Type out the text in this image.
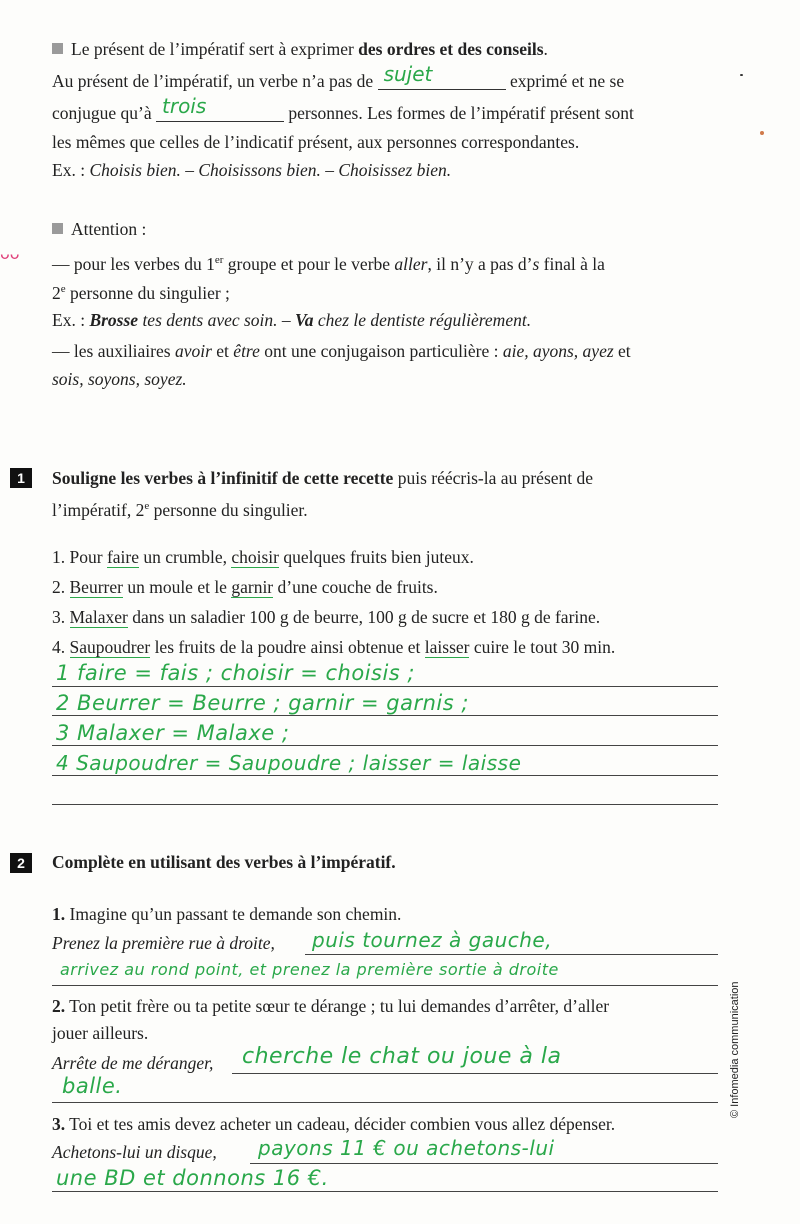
ᴗᴗ
Le présent de l’impératif sert à exprimer des ordres et des conseils.
Au présent de l’impératif, un verbe n’a pas de sujet	exprimé et ne se
conjugue qu’à trois	personnes. Les formes de l’impératif présent sont
les mêmes que celles de l’indicatif présent, aux personnes correspondantes.
Ex. : Choisis bien. – Choisissons bien. – Choisissez bien.
Attention :
— pour les verbes du 1er groupe et pour le verbe aller, il n’y a pas d’s final à la
2e personne du singulier ;
Ex. : Brosse tes dents avec soin. – Va chez le dentiste régulièrement.
— les auxiliaires avoir et être ont une conjugaison particulière : aie, ayons, ayez et
sois, soyons, soyez.
1	Souligne les verbes à l’infinitif de cette recette puis réécris-la au présent de
l’impératif, 2e personne du singulier.
1. Pour faire un crumble, choisir quelques fruits bien juteux.
2. Beurrer un moule et le garnir d’une couche de fruits.
3. Malaxer dans un saladier 100 g de beurre, 100 g de sucre et 180 g de farine.
4. Saupoudrer les fruits de la poudre ainsi obtenue et laisser cuire le tout 30 min.
1 faire = fais ; choisir = choisis ;
2 Beurrer = Beurre ; garnir = garnis ;
3 Malaxer = Malaxe ;
4 Saupoudrer = Saupoudre ; laisser = laisse
2	Complète en utilisant des verbes à l’impératif.
1. Imagine qu’un passant te demande son chemin.
Prenez la première rue à droite,	puis tournez à gauche,
arrivez au rond point, et prenez la première sortie à droite
2. Ton petit frère ou ta petite sœur te dérange ; tu lui demandes d’arrêter, d’aller
jouer ailleurs.
Arrête de me déranger,	cherche le chat ou joue à la
balle.
3. Toi et tes amis devez acheter un cadeau, décider combien vous allez dépenser.
Achetons-lui un disque,	payons 11 € ou achetons-lui
une BD et donnons 16 €.
© Infomedia communication
